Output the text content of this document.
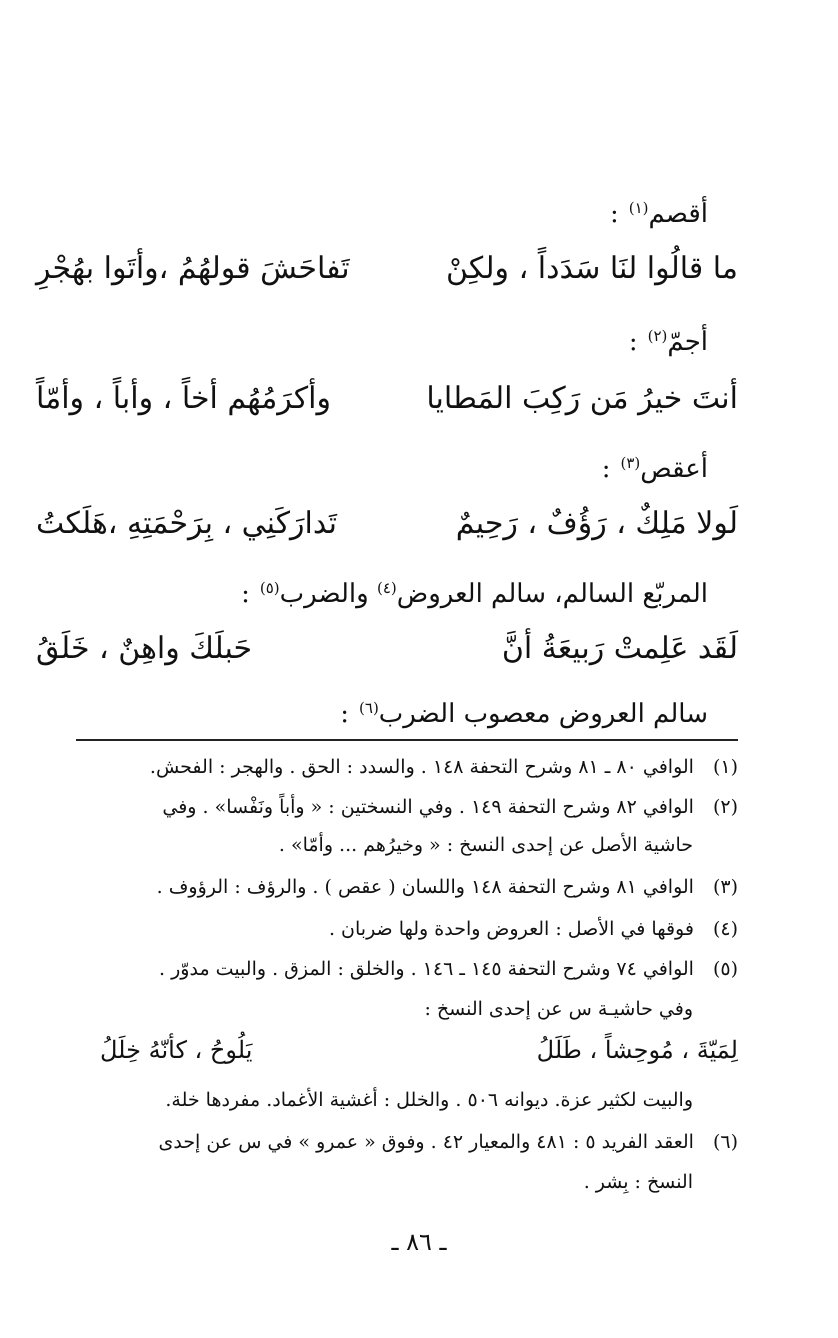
أقصم$^{(١)}$:
ما قالُوا لنَا سَدَداً ، ولكِنْ
تَفاحَشَ قولهُمُ ،وأتَوا بهُجْرِ
أجمّ$^{(٢)}$:
أنتَ خيرُ مَن رَكِبَ المَطايا
وأكرَمُهُم أخاً ، وأباً ، وأمّاً
أعقص$^{(٣)}$:
لَولا مَلِكٌ ، رَؤُفٌ ، رَحِيمٌ
تَدارَكَنِي ، بِرَحْمَتِهِ ،هَلَكتُ
المربّع السالم، سالم العروض$^{(٤)}$ والضرب$^{(٥)}$:
لَقَد عَلِمتْ رَبيعَةُ أنَّ
حَبلَكَ واهِنٌ ، خَلَقُ
سالم العروض معصوب الضرب$^{(٦)}$:
(١) الوافي ٨٠ ـ ٨١ وشرح التحفة ١٤٨ . والسدد : الحق . والهجر : الفحش.
(٢) الوافي ٨٢ وشرح التحفة ١٤٩ . وفي النسختين : « وأباً ونَفْسا» . وفي
حاشية الأصل عن إحدى النسخ : « وخيرُهم ... وأمّا» .
(٣) الوافي ٨١ وشرح التحفة ١٤٨ واللسان ( عقص ) . والرؤف : الرؤوف .
(٤) فوقها في الأصل : العروض واحدة ولها ضربان .
(٥) الوافي ٧٤ وشرح التحفة ١٤٥ ـ ١٤٦ . والخلق : المزق . والبيت مدوّر .
وفي حاشيـة س عن إحدى النسخ :
لِمَيّةَ ، مُوحِشاً ، طَلَلُ
يَلُوحُ ، كأنّهُ خِلَلُ
والبيت لكثير عزة. ديوانه ٥٠٦ . والخلل : أغشية الأغماد. مفردها خلة.
(٦) العقد الفريد ٥ : ٤٨١ والمعيار ٤٢ . وفوق « عمرو » في س عن إحدى
النسخ : بِشر .
ـ ٨٦ ـ
